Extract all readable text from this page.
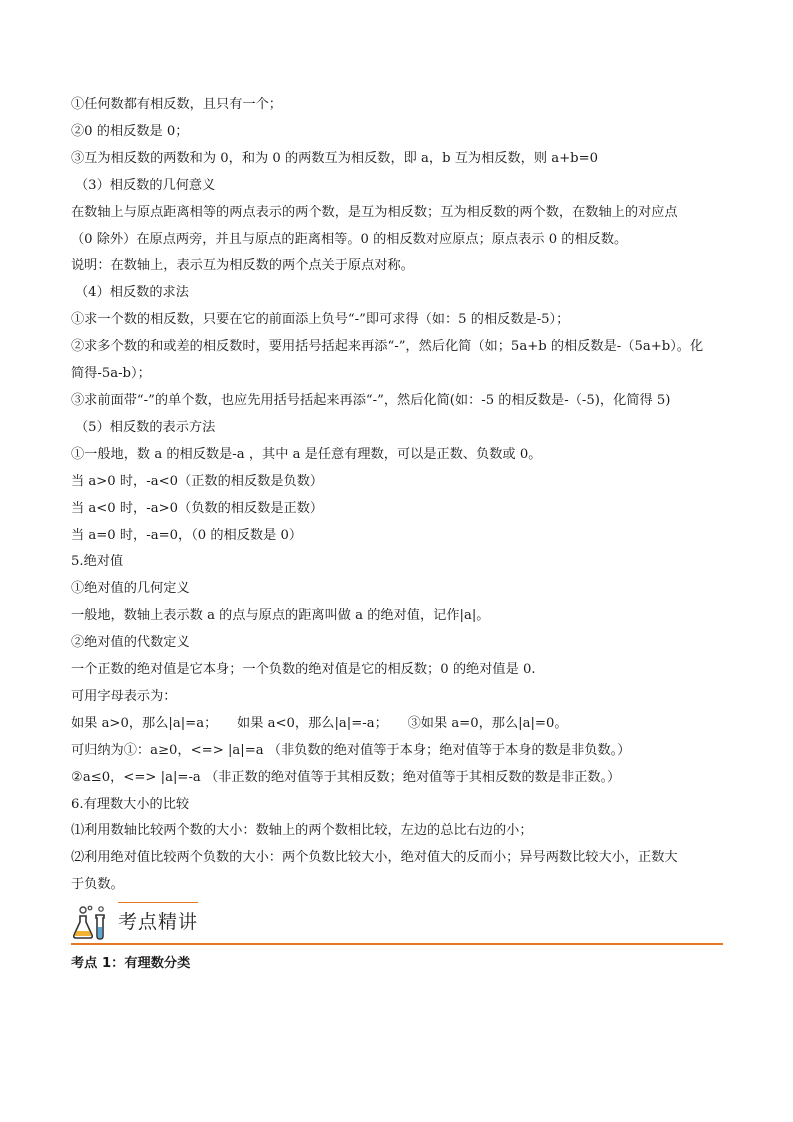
①任何数都有相反数，且只有一个；

②0 的相反数是 0；

③互为相反数的两数和为 0，和为 0 的两数互为相反数，即 a，b 互为相反数，则 a+b=0

（3）相反数的几何意义

在数轴上与原点距离相等的两点表示的两个数，是互为相反数；互为相反数的两个数，在数轴上的对应点

（0 除外）在原点两旁，并且与原点的距离相等。0 的相反数对应原点；原点表示 0 的相反数。

说明：在数轴上，表示互为相反数的两个点关于原点对称。

（4）相反数的求法

①求一个数的相反数，只要在它的前面添上负号“-”即可求得（如：5 的相反数是-5）；

②求多个数的和或差的相反数时，要用括号括起来再添“-”，然后化简（如；5a+b 的相反数是-（5a+b）。化

简得-5a-b）；

③求前面带“-”的单个数，也应先用括号括起来再添“-”，然后化简(如：-5 的相反数是-（-5)，化简得 5)

（5）相反数的表示方法

①一般地，数 a 的相反数是-a ，其中 a 是任意有理数，可以是正数、负数或 0。

当 a>0 时，-a<0（正数的相反数是负数）

当 a<0 时，-a>0（负数的相反数是正数）

当 a=0 时，-a=0，（0 的相反数是 0）

5.绝对值

①绝对值的几何定义

一般地，数轴上表示数 a 的点与原点的距离叫做 a 的绝对值，记作|a|。

②绝对值的代数定义

一个正数的绝对值是它本身；一个负数的绝对值是它的相反数；0 的绝对值是 0.

可用字母表示为：

如果 a>0，那么|a|=a；　　如果 a<0，那么|a|=-a；　　③如果 a=0，那么|a|=0。

可归纳为①：a≥0，<=> |a|=a （非负数的绝对值等于本身；绝对值等于本身的数是非负数。）

②a≤0，<=> |a|=-a （非正数的绝对值等于其相反数；绝对值等于其相反数的数是非正数。）

6.有理数大小的比较

⑴利用数轴比较两个数的大小：数轴上的两个数相比较，左边的总比右边的小；

⑵利用绝对值比较两个负数的大小：两个负数比较大小，绝对值大的反而小；异号两数比较大小，正数大

于负数。

考点精讲

考点 1：有理数分类
